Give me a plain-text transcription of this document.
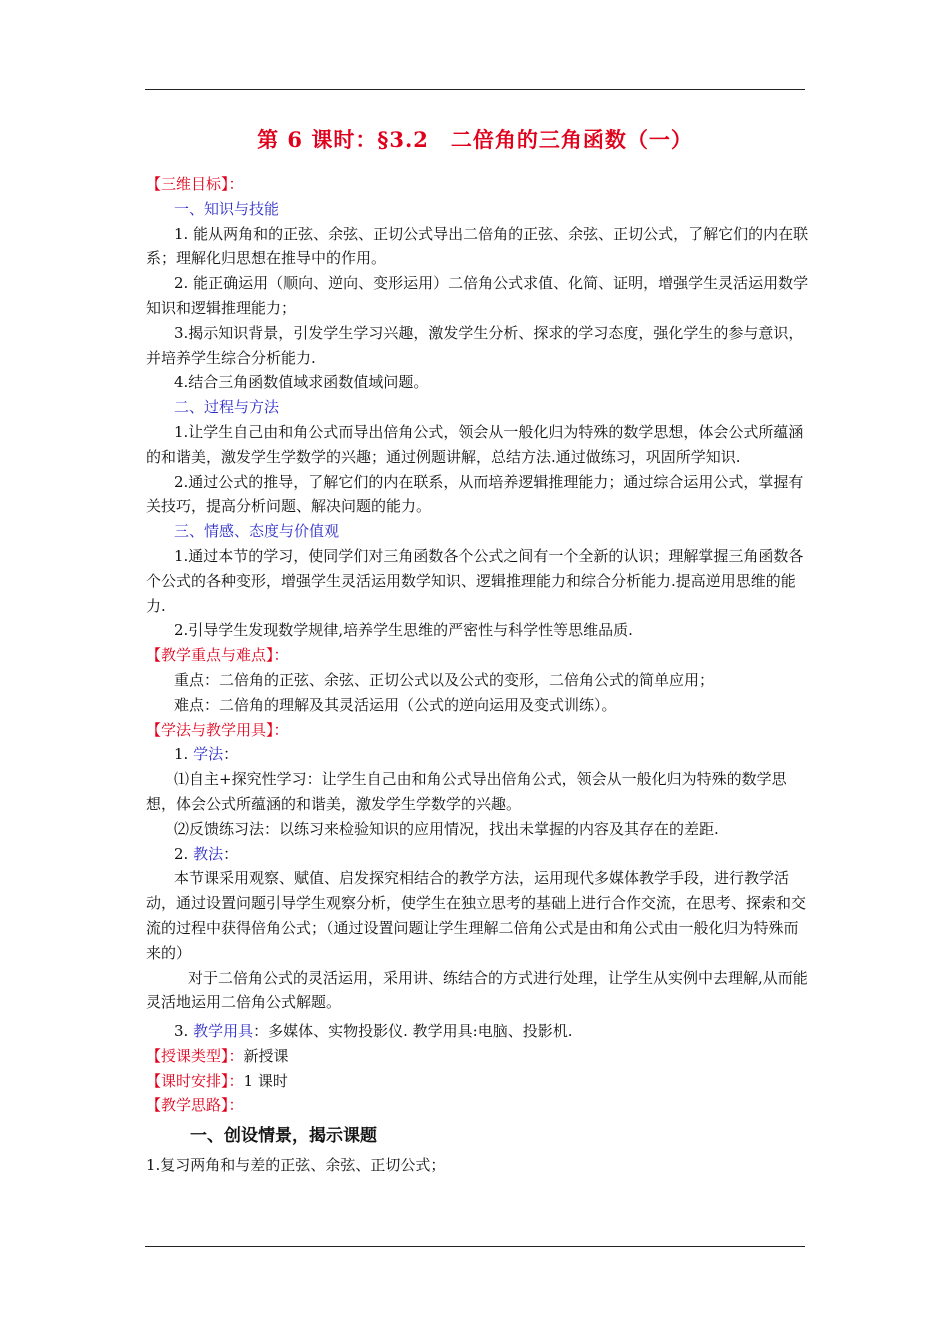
第 6 课时：§3.2　二倍角的三角函数（一）

【三维目标】：

一、知识与技能

1. 能从两角和的正弦、余弦、正切公式导出二倍角的正弦、余弦、正切公式，了解它们的内在联系；理解化归思想在推导中的作用。

2. 能正确运用（顺向、逆向、变形运用）二倍角公式求值、化简、证明，增强学生灵活运用数学知识和逻辑推理能力；

3.揭示知识背景，引发学生学习兴趣，激发学生分析、探求的学习态度，强化学生的参与意识，并培养学生综合分析能力.

4.结合三角函数值域求函数值域问题。

二、过程与方法

1.让学生自己由和角公式而导出倍角公式，领会从一般化归为特殊的数学思想，体会公式所蕴涵的和谐美，激发学生学数学的兴趣；通过例题讲解，总结方法.通过做练习，巩固所学知识.

2.通过公式的推导，了解它们的内在联系，从而培养逻辑推理能力；通过综合运用公式，掌握有关技巧，提高分析问题、解决问题的能力。

三、情感、态度与价值观

1.通过本节的学习，使同学们对三角函数各个公式之间有一个全新的认识；理解掌握三角函数各个公式的各种变形，增强学生灵活运用数学知识、逻辑推理能力和综合分析能力.提高逆用思维的能力.

2.引导学生发现数学规律,培养学生思维的严密性与科学性等思维品质.

【教学重点与难点】：

重点：二倍角的正弦、余弦、正切公式以及公式的变形，二倍角公式的简单应用；

难点：二倍角的理解及其灵活运用（公式的逆向运用及变式训练）。

【学法与教学用具】：

1. 学法：

⑴自主+探究性学习：让学生自己由和角公式导出倍角公式，领会从一般化归为特殊的数学思想，体会公式所蕴涵的和谐美，激发学生学数学的兴趣。

⑵反馈练习法：以练习来检验知识的应用情况，找出未掌握的内容及其存在的差距.

2. 教法：

本节课采用观察、赋值、启发探究相结合的教学方法，运用现代多媒体教学手段，进行教学活动，通过设置问题引导学生观察分析，使学生在独立思考的基础上进行合作交流，在思考、探索和交流的过程中获得倍角公式；（通过设置问题让学生理解二倍角公式是由和角公式由一般化归为特殊而来的）

对于二倍角公式的灵活运用，采用讲、练结合的方式进行处理，让学生从实例中去理解,从而能灵活地运用二倍角公式解题。

3. 教学用具：多媒体、实物投影仪. 教学用具:电脑、投影机.

【授课类型】：新授课

【课时安排】：1 课时

【教学思路】：

一、创设情景，揭示课题

1.复习两角和与差的正弦、余弦、正切公式；
